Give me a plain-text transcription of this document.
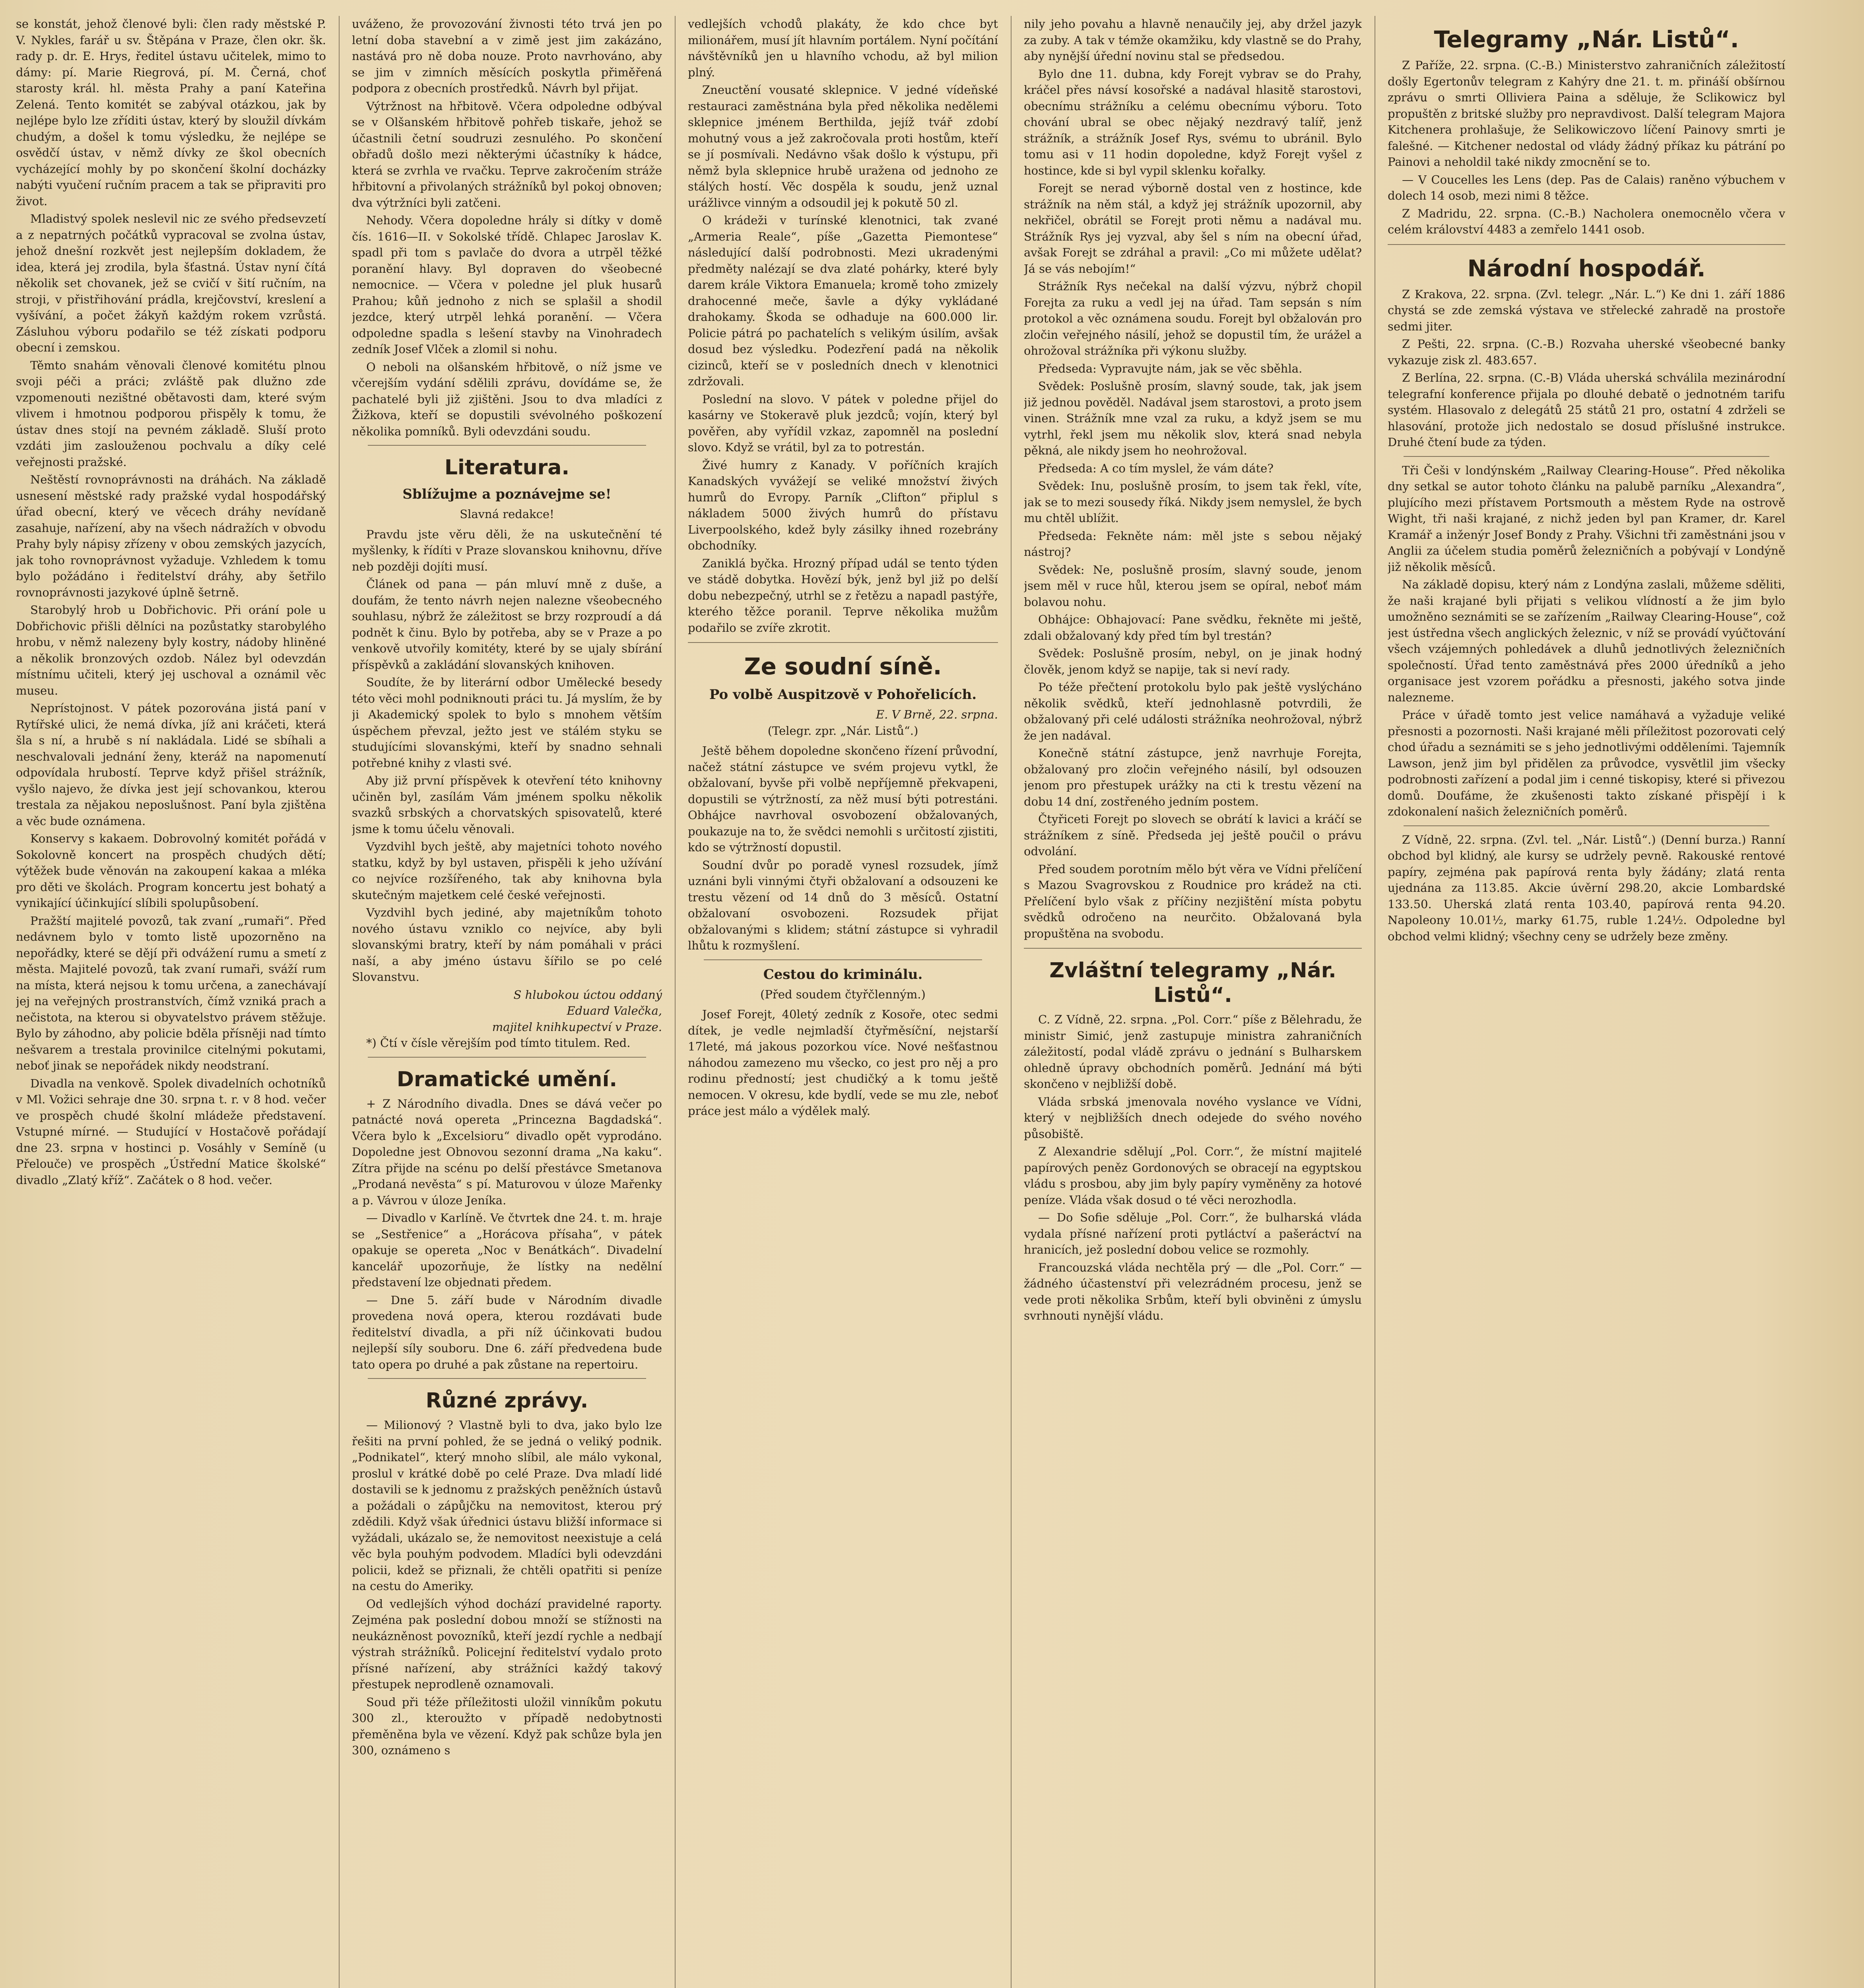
se konstát, jehož členové byli: člen rady městské P. V. Nykles, farář u sv. Štěpána v Praze, člen okr. šk. rady p. dr. E. Hrys, ředitel ústavu učitelek, mimo to dámy: pí. Marie Riegrová, pí. M. Černá, choť starosty král. hl. města Prahy a paní Kateřina Zelená. Tento komitét se zabýval otázkou, jak by nejlépe bylo lze zříditi ústav, který by sloužil dívkám chudým, a došel k tomu výsledku, že nejlépe se osvědčí ústav, v němž dívky ze škol obecních vycházející mohly by po skončení školní docházky nabýti vyučení ručním pracem a tak se připraviti pro život.

Mladistvý spolek neslevil nic ze svého předsevzetí a z nepatrných počátků vypracoval se zvolna ústav, jehož dnešní rozkvět jest nejlepším dokladem, že idea, která jej zrodila, byla šťastná. Ústav nyní čítá několik set chovanek, jež se cvičí v šití ručním, na stroji, v přistřihování prádla, krejčovství, kreslení a vyšívání, a počet žákyň každým rokem vzrůstá. Zásluhou výboru podařilo se též získati podporu obecní i zemskou.

Těmto snahám věnovali členové komitétu plnou svoji péči a práci; zvláště pak dlužno zde vzpomenouti nezištné obětavosti dam, které svým vlivem i hmotnou podporou přispěly k tomu, že ústav dnes stojí na pevném základě. Sluší proto vzdáti jim zaslouženou pochvalu a díky celé veřejnosti pražské.

Neštěstí rovnoprávnosti na dráhách. Na základě usnesení městské rady pražské vydal hospodářský úřad obecní, který ve věcech dráhy nevídaně zasahuje, nařízení, aby na všech nádražích v obvodu Prahy byly nápisy zřízeny v obou zemských jazycích, jak toho rovnoprávnost vyžaduje. Vzhledem k tomu bylo požádáno i ředitelství dráhy, aby šetřilo rovnoprávnosti jazykové úplně šetrně.

Starobylý hrob u Dobřichovic. Při orání pole u Dobřichovic přišli dělníci na pozůstatky starobylého hrobu, v němž nalezeny byly kostry, nádoby hliněné a několik bronzových ozdob. Nález byl odevzdán místnímu učiteli, který jej uschoval a oznámil věc museu.

Neprístojnost. V pátek pozorována jistá paní v Rytířské ulici, že nemá dívka, jíž ani kráčeti, která šla s ní, a hrubě s ní nakládala. Lidé se sbíhali a neschvalovali jednání ženy, kteráž na napomenutí odpovídala hrubostí. Teprve když přišel strážník, vyšlo najevo, že dívka jest její schovankou, kterou trestala za nějakou neposlušnost. Paní byla zjištěna a věc bude oznámena.

Konservy s kakaem. Dobrovolný komitét pořádá v Sokolovně koncert na prospěch chudých dětí; výtěžek bude věnován na zakoupení kakaa a mléka pro děti ve školách. Program koncertu jest bohatý a vynikající účinkující slíbili spolupůsobení.

Pražští majitelé povozů, tak zvaní „rumaři“. Před nedávnem bylo v tomto listě upozorněno na nepořádky, které se dějí při odvážení rumu a smetí z města. Majitelé povozů, tak zvaní rumaři, sváží rum na místa, která nejsou k tomu určena, a zanechávají jej na veřejných prostranstvích, čímž vzniká prach a nečistota, na kterou si obyvatelstvo právem stěžuje. Bylo by záhodno, aby policie bděla přísněji nad tímto nešvarem a trestala provinilce citelnými pokutami, neboť jinak se nepořádek nikdy neodstraní.

Divadla na venkově. Spolek divadelních ochotníků v Ml. Vožici sehraje dne 30. srpna t. r. v 8 hod. večer ve prospěch chudé školní mládeže představení. Vstupné mírné. — Studující v Hostačově pořádají dne 23. srpna v hostinci p. Vosáhly v Semíně (u Přelouče) ve prospěch „Ústřední Matice školské“ divadlo „Zlatý kříž“. Začátek o 8 hod. večer.

uváženo, že provozování živnosti této trvá jen po letní doba stavební a v zimě jest jim zakázáno, nastává pro ně doba nouze. Proto navrhováno, aby se jim v zimních měsících poskytla přiměřená podpora z obecních prostředků. Návrh byl přijat.

Výtržnost na hřbitově. Včera odpoledne odbýval se v Olšanském hřbitově pohřeb tiskaře, jehož se účastnili četní soudruzi zesnulého. Po skončení obřadů došlo mezi některými účastníky k hádce, která se zvrhla ve rvačku. Teprve zakročením stráže hřbitovní a přivolaných strážníků byl pokoj obnoven; dva výtržníci byli zatčeni.

Nehody. Včera dopoledne hrály si dítky v domě čís. 1616—II. v Sokolské třídě. Chlapec Jaroslav K. spadl při tom s pavlače do dvora a utrpěl těžké poranění hlavy. Byl dopraven do všeobecné nemocnice. — Včera v poledne jel pluk husarů Prahou; kůň jednoho z nich se splašil a shodil jezdce, který utrpěl lehká poranění. — Včera odpoledne spadla s lešení stavby na Vinohradech zedník Josef Vlček a zlomil si nohu.

O neboli na olšanském hřbitově, o níž jsme ve včerejším vydání sdělili zprávu, dovídáme se, že pachatelé byli již zjištěni. Jsou to dva mladíci z Žižkova, kteří se dopustili svévolného poškození několika pomníků. Byli odevzdáni soudu.

Literatura.
Sblížujme a poznávejme se!
Slavná redakce!

Pravdu jste věru děli, že na uskutečnění té myšlenky, k řídíti v Praze slovanskou knihovnu, dříve neb později dojíti musí.

Článek od pana — pán mluví mně z duše, a doufám, že tento návrh nejen nalezne všeobecného souhlasu, nýbrž že záležitost se brzy rozproudí a dá podnět k činu. Bylo by potřeba, aby se v Praze a po venkově utvořily komitéty, které by se ujaly sbírání příspěvků a zakládání slovanských knihoven.

Soudíte, že by literární odbor Umělecké besedy této věci mohl podniknouti práci tu. Já myslím, že by ji Akademický spolek to bylo s mnohem větším úspěchem převzal, ježto jest ve stálém styku se studujícími slovanskými, kteří by snadno sehnali potřebné knihy z vlasti své.

Aby již první příspěvek k otevření této knihovny učiněn byl, zasílám Vám jménem spolku několik svazků srbských a chorvatských spisovatelů, které jsme k tomu účelu věnovali.

Vyzdvihl bych ještě, aby majetníci tohoto nového statku, když by byl ustaven, přispěli k jeho užívání co nejvíce rozšířeného, tak aby knihovna byla skutečným majetkem celé české veřejnosti.

Vyzdvihl bych jediné, aby majetníkům tohoto nového ústavu vzniklo co nejvíce, aby byli slovanskými bratry, kteří by nám pomáhali v práci naší, a aby jméno ústavu šířilo se po celé Slovanstvu.

S hlubokou úctou oddaný
Eduard Valečka,
majitel knihkupectví v Praze.

*) Čtí v čísle věrejším pod tímto titulem. Red.

Dramatické umění.

+ Z Národního divadla. Dnes se dává večer po patnácté nová opereta „Princezna Bagdadská“. Včera bylo k „Excelsioru“ divadlo opět vyprodáno. Dopoledne jest Obnovou sezonní drama „Na kaku“. Zítra přijde na scénu po delší přestávce Smetanova „Prodaná nevěsta“ s pí. Maturovou v úloze Mařenky a p. Vávrou v úloze Jeníka.

— Divadlo v Karlíně. Ve čtvrtek dne 24. t. m. hraje se „Sestřenice“ a „Horácova přísaha“, v pátek opakuje se opereta „Noc v Benátkách“. Divadelní kancelář upozorňuje, že lístky na nedělní představení lze objednati předem.

— Dne 5. září bude v Národním divadle provedena nová opera, kterou rozdávati bude ředitelství divadla, a při níž účinkovati budou nejlepší síly souboru. Dne 6. září předvedena bude tato opera po druhé a pak zůstane na repertoiru.

Různé zprávy.

— Milionový ? Vlastně byli to dva, jako bylo lze řešiti na první pohled, že se jedná o veliký podnik. „Podnikatel“, který mnoho slíbil, ale málo vykonal, proslul v krátké době po celé Praze. Dva mladí lidé dostavili se k jednomu z pražských peněžních ústavů a požádali o zápůjčku na nemovitost, kterou prý zdědili. Když však úřednici ústavu bližší informace si vyžádali, ukázalo se, že nemovitost neexistuje a celá věc byla pouhým podvodem. Mladíci byli odevzdáni policii, kdež se přiznali, že chtěli opatřiti si peníze na cestu do Ameriky.

Od vedlejších výhod dochází pravidelné raporty. Zejména pak poslední dobou množí se stížnosti na neukázněnost povozníků, kteří jezdí rychle a nedbají výstrah strážníků. Policejní ředitelství vydalo proto přísné nařízení, aby strážníci každý takový přestupek neprodleně oznamovali.

Soud při téže příležitosti uložil vinníkům pokutu 300 zl., kteroužto v případě nedobytnosti přeměněna byla ve vězení. Když pak schůze byla jen 300, oznámeno s

vedlejších vchodů plakáty, že kdo chce byt milionářem, musí jít hlavním portálem. Nyní počítání návštěvníků jen u hlavního vchodu, až byl milion plný.

Zneuctění vousaté sklepnice. V jedné vídeňské restauraci zaměstnána byla před několika nedělemi sklepnice jménem Berthilda, jejíž tvář zdobí mohutný vous a jež zakročovala proti hostům, kteří se jí posmívali. Nedávno však došlo k výstupu, při němž byla sklepnice hrubě uražena od jednoho ze stálých hostí. Věc dospěla k soudu, jenž uznal urážlivce vinným a odsoudil jej k pokutě 50 zl.

O krádeži v turínské klenotnici, tak zvané „Armeria Reale“, píše „Gazetta Piemontese“ následující další podrobnosti. Mezi ukradenými předměty nalézají se dva zlaté pohárky, které byly darem krále Viktora Emanuela; kromě toho zmizely drahocenné meče, šavle a dýky vykládané drahokamy. Škoda se odhaduje na 600.000 lir. Policie pátrá po pachatelích s velikým úsilím, avšak dosud bez výsledku. Podezření padá na několik cizinců, kteří se v posledních dnech v klenotnici zdržovali.

Poslední na slovo. V pátek v poledne přijel do kasárny ve Stokeravě pluk jezdců; vojín, který byl pověřen, aby vyřídil vzkaz, zapomněl na poslední slovo. Když se vrátil, byl za to potrestán.

Živé humry z Kanady. V poříčních krajích Kanadských vyvážejí se veliké množství živých humrů do Evropy. Parník „Clifton“ připlul s nákladem 5000 živých humrů do přístavu Liverpoolského, kdež byly zásilky ihned rozebrány obchodníky.

Zaniklá byčka. Hrozný případ udál se tento týden ve stádě dobytka. Hovězí býk, jenž byl již po delší dobu nebezpečný, utrhl se z řetězu a napadl pastýře, kterého těžce poranil. Teprve několika mužům podařilo se zvíře zkrotit.

Ze soudní síně.
Po volbě Auspitzově v Pohořelicích.
E. V Brně, 22. srpna.
(Telegr. zpr. „Nár. Listů“.)

Ještě během dopoledne skončeno řízení průvodní, načež státní zástupce ve svém projevu vytkl, že obžalovaní, byvše při volbě nepříjemně překvapeni, dopustili se výtržností, za něž musí býti potrestáni. Obhájce navrhoval osvobození obžalovaných, poukazuje na to, že svědci nemohli s určitostí zjistiti, kdo se výtržností dopustil.

Soudní dvůr po poradě vynesl rozsudek, jímž uznáni byli vinnými čtyři obžalovaní a odsouzeni ke trestu vězení od 14 dnů do 3 měsíců. Ostatní obžalovaní osvobozeni. Rozsudek přijat obžalovanými s klidem; státní zástupce si vyhradil lhůtu k rozmyšlení.

Cestou do kriminálu.
(Před soudem čtyřčlenným.)

Josef Forejt, 40letý zedník z Kosoře, otec sedmi dítek, je vedle nejmladší čtyřměsíční, nejstarší 17leté, má jakous pozorkou více. Nové nešťastnou náhodou zamezeno mu všecko, co jest pro něj a pro rodinu předností; jest chudičký a k tomu ještě nemocen. V okresu, kde bydlí, vede se mu zle, neboť práce jest málo a výdělek malý.

nily jeho povahu a hlavně nenaučily jej, aby držel jazyk za zuby. A tak v témže okamžiku, kdy vlastně se do Prahy, aby nynější úřední novinu stal se předsedou.

Bylo dne 11. dubna, kdy Forejt vybrav se do Prahy, kráčel přes návsí kosořské a nadával hlasitě starostovi, obecnímu strážníku a celému obecnímu výboru. Toto chování ubral se obec nějaký nezdravý talíř, jenž strážník, a strážník Josef Rys, svému to ubránil. Bylo tomu asi v 11 hodin dopoledne, když Forejt vyšel z hostince, kde si byl vypil sklenku kořalky.

Forejt se nerad výborně dostal ven z hostince, kde strážník na něm stál, a když jej strážník upozornil, aby nekřičel, obrátil se Forejt proti němu a nadával mu. Strážník Rys jej vyzval, aby šel s ním na obecní úřad, avšak Forejt se zdráhal a pravil: „Co mi můžete udělat? Já se vás nebojím!“

Strážník Rys nečekal na další výzvu, nýbrž chopil Forejta za ruku a vedl jej na úřad. Tam sepsán s ním protokol a věc oznámena soudu. Forejt byl obžalován pro zločin veřejného násilí, jehož se dopustil tím, že urážel a ohrožoval strážníka při výkonu služby.

Předseda: Vypravujte nám, jak se věc sběhla.

Svědek: Poslušně prosím, slavný soude, tak, jak jsem již jednou pověděl. Nadával jsem starostovi, a proto jsem vinen. Strážník mne vzal za ruku, a když jsem se mu vytrhl, řekl jsem mu několik slov, která snad nebyla pěkná, ale nikdy jsem ho neohrožoval.

Předseda: A co tím myslel, že vám dáte?

Svědek: Inu, poslušně prosím, to jsem tak řekl, víte, jak se to mezi sousedy říká. Nikdy jsem nemyslel, že bych mu chtěl ublížit.

Předseda: Fekněte nám: měl jste s sebou nějaký nástroj?

Svědek: Ne, poslušně prosím, slavný soude, jenom jsem měl v ruce hůl, kterou jsem se opíral, neboť mám bolavou nohu.

Obhájce: Obhajovací: Pane svědku, řekněte mi ještě, zdali obžalovaný kdy před tím byl trestán?

Svědek: Poslušně prosím, nebyl, on je jinak hodný člověk, jenom když se napije, tak si neví rady.

Po téže přečtení protokolu bylo pak ještě vyslýcháno několik svědků, kteří jednohlasně potvrdili, že obžalovaný při celé události strážníka neohrožoval, nýbrž že jen nadával.

Konečně státní zástupce, jenž navrhuje Forejta, obžalovaný pro zločin veřejného násilí, byl odsouzen jenom pro přestupek urážky na cti k trestu vězení na dobu 14 dní, zostřeného jedním postem.

Čtyřiceti Forejt po slovech se obrátí k lavici a kráčí se strážníkem z síně. Předseda jej ještě poučil o právu odvolání.

Před soudem porotním mělo být věra ve Vídni přelíčení s Mazou Svagrovskou z Roudnice pro krádež na cti. Přelíčení bylo však z příčiny nezjištění místa pobytu svědků odročeno na neurčito. Obžalovaná byla propuštěna na svobodu.

Zvláštní telegramy „Nár. Listů“.

C. Z Vídně, 22. srpna. „Pol. Corr.“ píše z Bělehradu, že ministr Simić, jenž zastupuje ministra zahraničních záležitostí, podal vládě zprávu o jednání s Bulharskem ohledně úpravy obchodních poměrů. Jednání má býti skončeno v nejbližší době.

Vláda srbská jmenovala nového vyslance ve Vídni, který v nejbližších dnech odejede do svého nového působiště.

Z Alexandrie sdělují „Pol. Corr.“, že místní majitelé papírových peněz Gordonových se obracejí na egyptskou vládu s prosbou, aby jim byly papíry vyměněny za hotové peníze. Vláda však dosud o té věci nerozhodla.

— Do Sofie sděluje „Pol. Corr.“, že bulharská vláda vydala přísné nařízení proti pytláctví a pašeráctví na hranicích, jež poslední dobou velice se rozmohly.

Francouzská vláda nechtěla prý — dle „Pol. Corr.“ — žádného účastenství při velezrádném procesu, jenž se vede proti několika Srbům, kteří byli obviněni z úmyslu svrhnouti nynější vládu.

Telegramy „Nár. Listů“.

Z Paříže, 22. srpna. (C.-B.) Ministerstvo zahraničních záležitostí došly Egertonův telegram z Kahýry dne 21. t. m. přináší obšírnou zprávu o smrti Olliviera Paina a sděluje, že Sclikowicz byl propuštěn z britské služby pro nepravdivost. Další telegram Majora Kitchenera prohlašuje, že Selikowiczovo líčení Painovy smrti je falešné. — Kitchener nedostal od vlády žádný příkaz ku pátrání po Painovi a neholdil také nikdy zmocnění se to.

— V Coucelles les Lens (dep. Pas de Calais) raněno výbuchem v dolech 14 osob, mezi nimi 8 těžce.

Z Madridu, 22. srpna. (C.-B.) Nacholera onemocnělo včera v celém království 4483 a zemřelo 1441 osob.

Národní hospodář.

Z Krakova, 22. srpna. (Zvl. telegr. „Nár. L.“) Ke dni 1. září 1886 chystá se zde zemská výstava ve střelecké zahradě na prostoře sedmi jiter.

Z Pešti, 22. srpna. (C.-B.) Rozvaha uherské všeobecné banky vykazuje zisk zl. 483.657.

Z Berlína, 22. srpna. (C.-B) Vláda uherská schválila mezinárodní telegrafní konference přijala po dlouhé debatě o jednotném tarifu systém. Hlasovalo z delegátů 25 států 21 pro, ostatní 4 zdrželi se hlasování, protože jich nedostalo se dosud příslušné instrukce. Druhé čtení bude za týden.

Tři Češi v londýnském „Railway Clearing-House“. Před několika dny setkal se autor tohoto článku na palubě parníku „Alexandra“, plujícího mezi přístavem Portsmouth a městem Ryde na ostrově Wight, tři naši krajané, z nichž jeden byl pan Kramer, dr. Karel Kramář a inženýr Josef Bondy z Prahy. Všichni tři zaměstnáni jsou v Anglii za účelem studia poměrů železničních a pobývají v Londýně již několik měsíců.

Na základě dopisu, který nám z Londýna zaslali, můžeme sděliti, že naši krajané byli přijati s velikou vlídností a že jim bylo umožněno seznámiti se se zařízením „Railway Clearing-House“, což jest ústředna všech anglických železnic, v níž se provádí vyúčtování všech vzájemných pohledávek a dluhů jednotlivých železničních společností. Úřad tento zaměstnává přes 2000 úředníků a jeho organisace jest vzorem pořádku a přesnosti, jakého sotva jinde nalezneme.

Práce v úřadě tomto jest velice namáhavá a vyžaduje veliké přesnosti a pozornosti. Naši krajané měli příležitost pozorovati celý chod úřadu a seznámiti se s jeho jednotlivými odděleními. Tajemník Lawson, jenž jim byl přidělen za průvodce, vysvětlil jim všecky podrobnosti zařízení a podal jim i cenné tiskopisy, které si přivezou domů. Doufáme, že zkušenosti takto získané přispějí i k zdokonalení našich železničních poměrů.

Z Vídně, 22. srpna. (Zvl. tel. „Nár. Listů“.) (Denní burza.) Ranní obchod byl klidný, ale kursy se udržely pevně. Rakouské rentové papíry, zejména pak papírová renta byly žádány; zlatá renta ujednána za 113.85. Akcie úvěrní 298.20, akcie Lombardské 133.50. Uherská zlatá renta 103.40, papírová renta 94.20. Napoleony 10.01½, marky 61.75, ruble 1.24½. Odpoledne byl obchod velmi klidný; všechny ceny se udržely beze změny.
